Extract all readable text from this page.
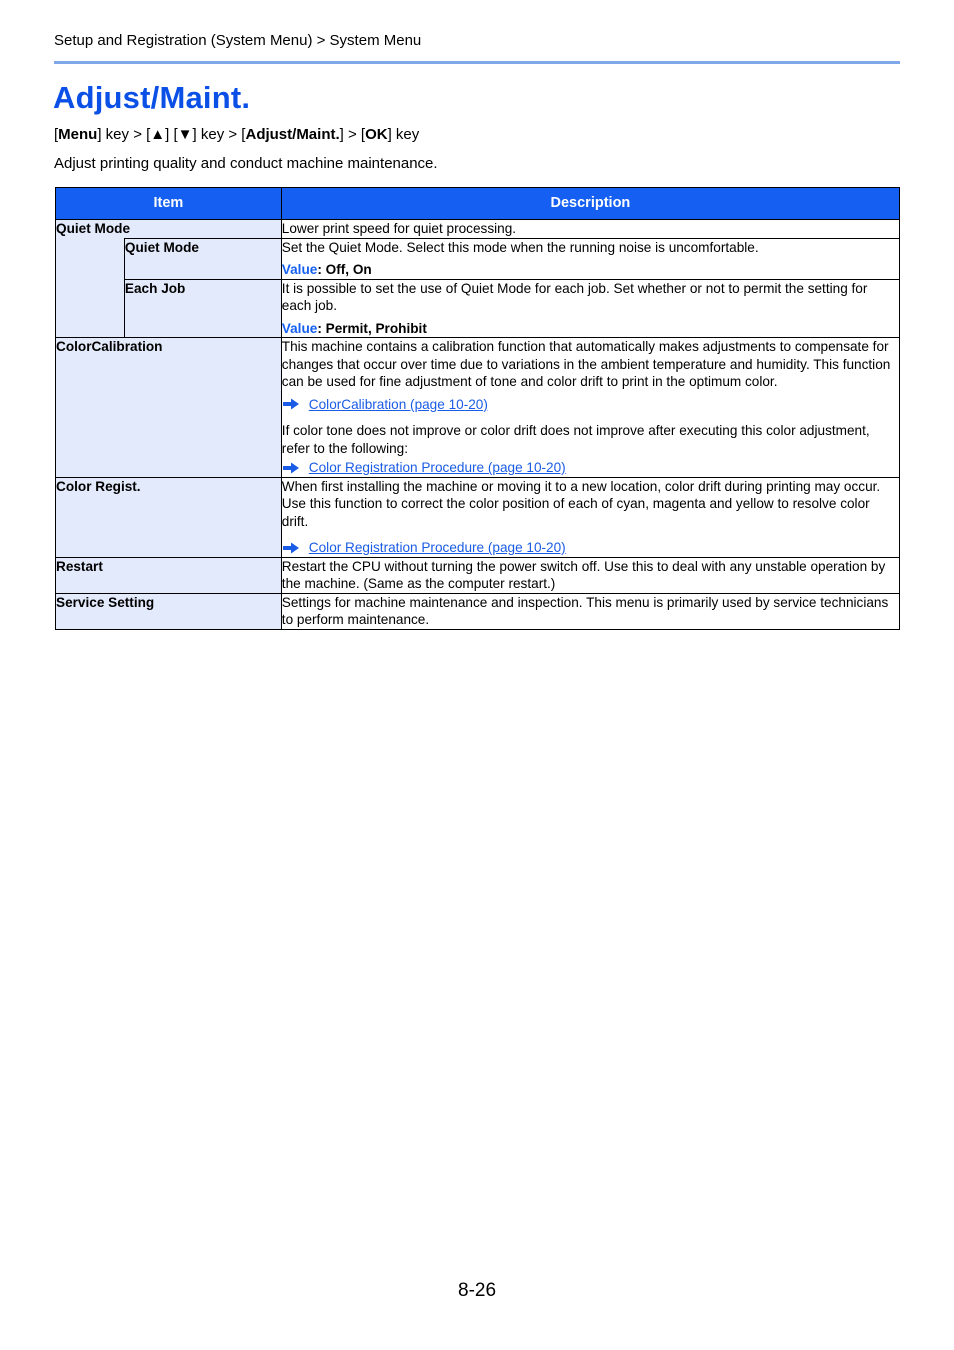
Setup and Registration (System Menu) > System Menu
Adjust/Maint.
[Menu] key > [▲] [▼] key > [Adjust/Maint.] > [OK] key
Adjust printing quality and conduct machine maintenance.
Item		Description
Quiet Mode		Lower print speed for quiet processing.
	Quiet Mode	Set the Quiet Mode. Select this mode when the running noise is uncomfortable.
Value: Off, On

	Each Job	It is possible to set the use of Quiet Mode for each job. Set whether or not to permit the setting for each job.
Value: Permit, Prohibit

ColorCalibration		This machine contains a calibration function that automatically makes adjustments to compensate for changes that occur over time due to variations in the ambient temperature and humidity. This function can be used for fine adjustment of tone and color drift to print in the optimum color.
ColorCalibration (page 10-20)
If color tone does not improve or color drift does not improve after executing this color adjustment, refer to the following:
Color Registration Procedure (page 10-20)

Color Regist.		When first installing the machine or moving it to a new location, color drift during printing may occur. Use this function to correct the color position of each of cyan, magenta and yellow to resolve color drift.
Color Registration Procedure (page 10-20)

Restart		Restart the CPU without turning the power switch off. Use this to deal with any unstable operation by the machine. (Same as the computer restart.)
Service Setting		Settings for machine maintenance and inspection. This menu is primarily used by service technicians to perform maintenance.
8-26
